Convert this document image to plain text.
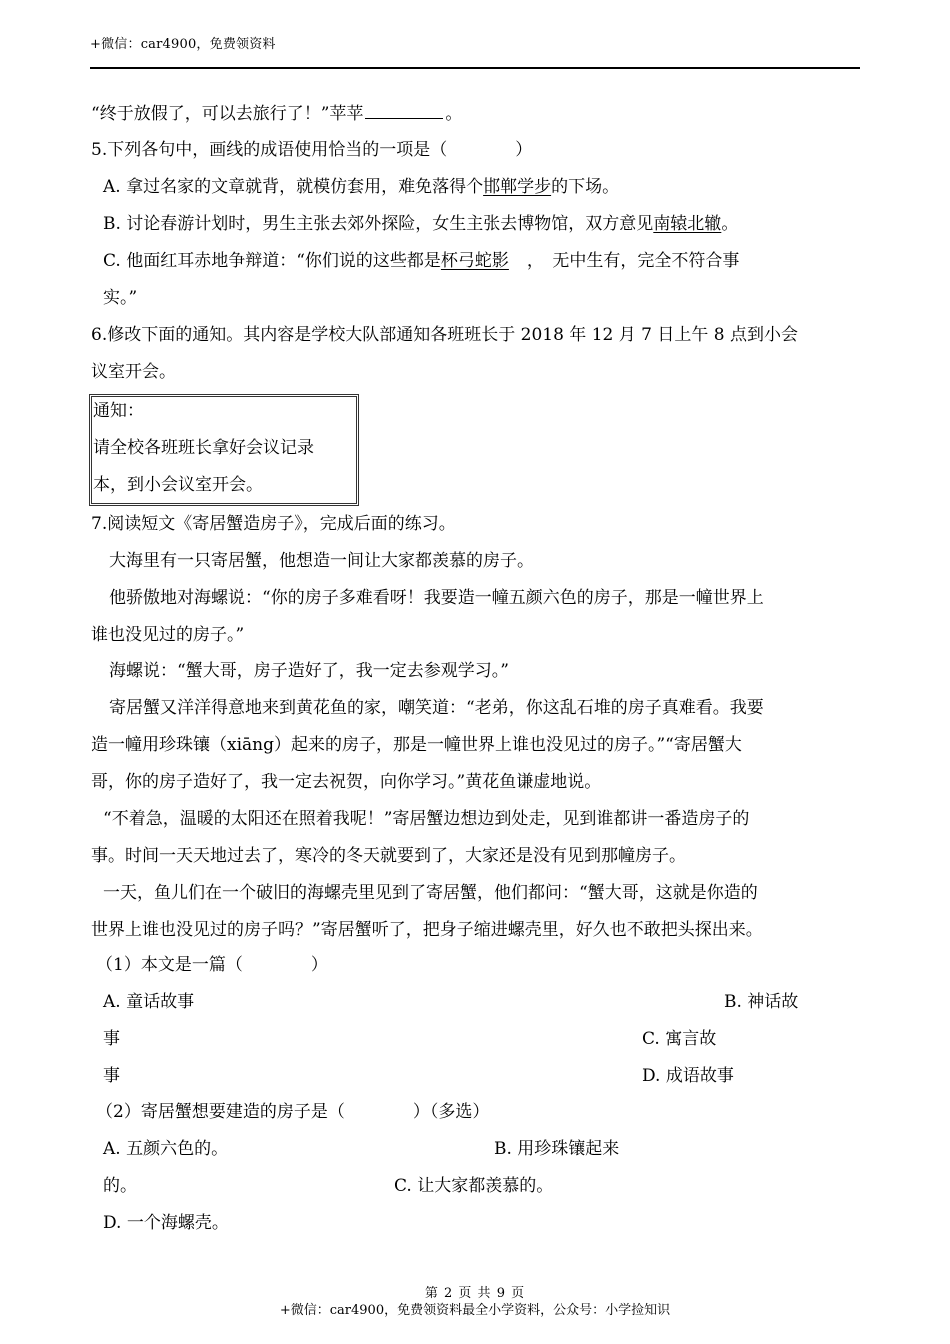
+微信：car4900，免费领资料
“终于放假了，可以去旅行了！”苹苹	。
5.下列各句中，画线的成语使用恰当的一项是（　　　　）
A. 拿过名家的文章就背，就模仿套用，难免落得个邯郸学步的下场。
B. 讨论春游计划时，男生主张去郊外探险，女生主张去博物馆，双方意见南辕北辙。
C. 他面红耳赤地争辩道：“你们说的这些都是杯弓蛇影 ，　无中生有，完全不符合事
实。”
6.修改下面的通知。其内容是学校大队部通知各班班长于 2018 年 12 月 7 日上午 8 点到小会
议室开会。
通知：
请全校各班班长拿好会议记录
本，到小会议室开会。
7.阅读短文《寄居蟹造房子》，完成后面的练习。
大海里有一只寄居蟹，他想造一间让大家都羡慕的房子。
他骄傲地对海螺说：“你的房子多难看呀！我要造一幢五颜六色的房子，那是一幢世界上
谁也没见过的房子。”
海螺说：“蟹大哥，房子造好了，我一定去参观学习。”
寄居蟹又洋洋得意地来到黄花鱼的家，嘲笑道：“老弟，你这乱石堆的房子真难看。我要
造一幢用珍珠镶（xiāng）起来的房子，那是一幢世界上谁也没见过的房子。”“寄居蟹大
哥，你的房子造好了，我一定去祝贺，向你学习。”黄花鱼谦虚地说。
“不着急，温暖的太阳还在照着我呢！”寄居蟹边想边到处走，见到谁都讲一番造房子的
事。时间一天天地过去了，寒冷的冬天就要到了，大家还是没有见到那幢房子。
一天，鱼儿们在一个破旧的海螺壳里见到了寄居蟹，他们都问：“蟹大哥，这就是你造的
世界上谁也没见过的房子吗？”寄居蟹听了，把身子缩进螺壳里，好久也不敢把头探出来。
（1）本文是一篇（　　　　）
A. 童话故事	B. 神话故
事	C. 寓言故
事	D. 成语故事
（2）寄居蟹想要建造的房子是（　　　　）（多选）
A. 五颜六色的。	B. 用珍珠镶起来
的。	C. 让大家都羡慕的。
D. 一个海螺壳。
第 2 页 共 9 页
+微信：car4900，免费领资料最全小学资料，公众号：小学捡知识
